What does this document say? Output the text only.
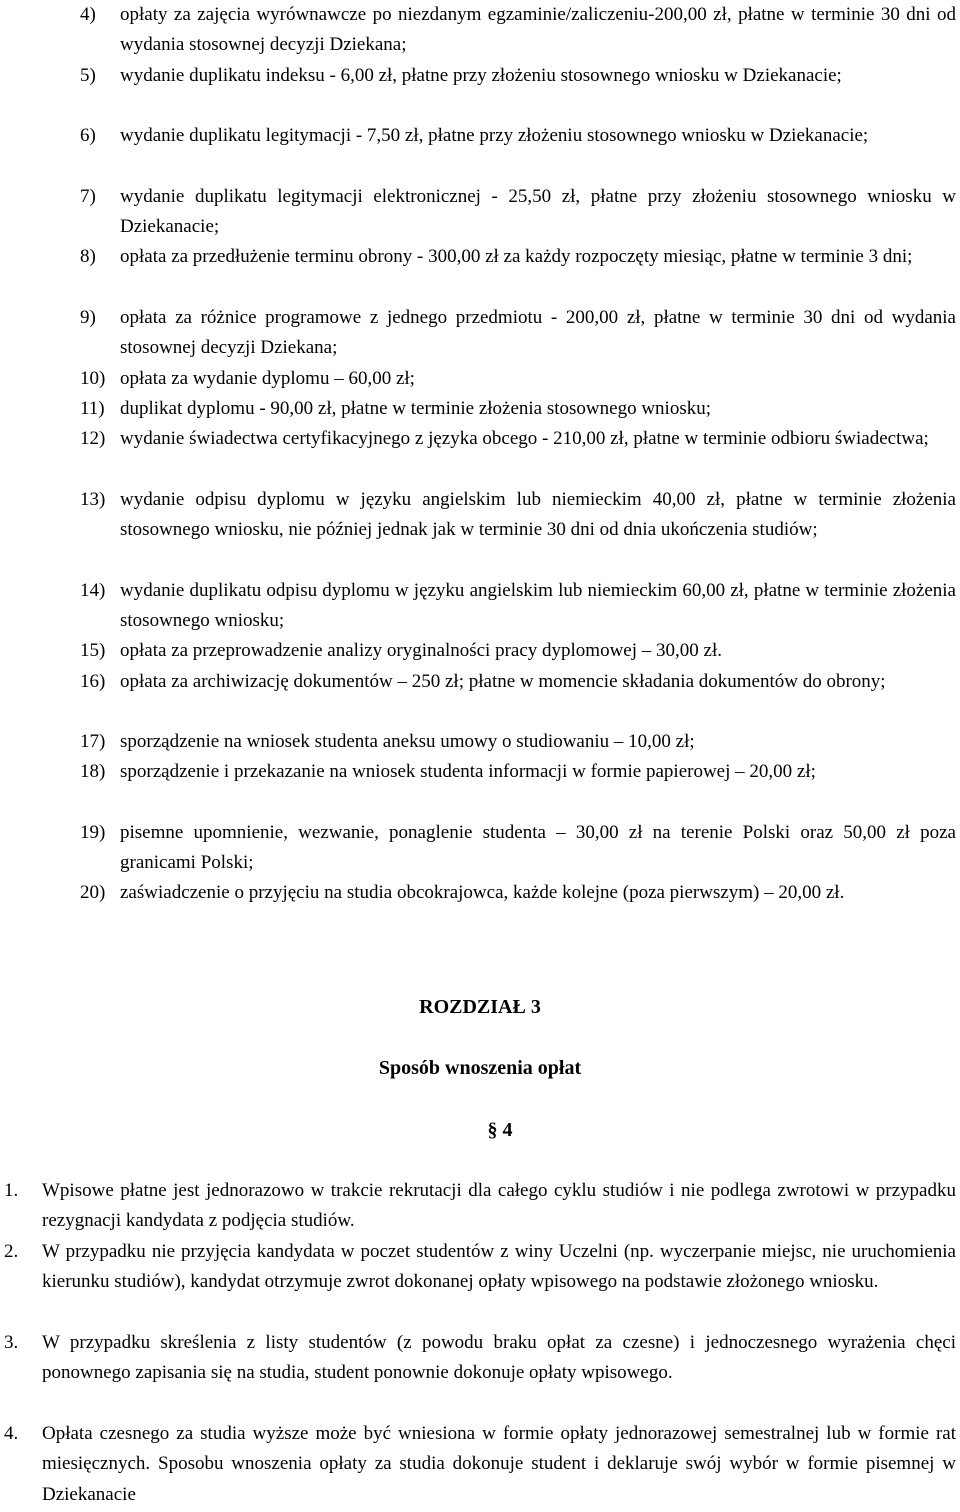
4) opłaty za zajęcia wyrównawcze po niezdanym egzaminie/zaliczeniu-200,00 zł, płatne w terminie 30 dni od wydania stosownej decyzji Dziekana;
5) wydanie duplikatu indeksu - 6,00 zł, płatne przy złożeniu stosownego wniosku w Dziekanacie;
6) wydanie duplikatu legitymacji - 7,50 zł, płatne przy złożeniu stosownego wniosku w Dziekanacie;
7) wydanie duplikatu legitymacji elektronicznej - 25,50 zł, płatne przy złożeniu stosownego wniosku w Dziekanacie;
8) opłata za przedłużenie terminu obrony - 300,00 zł za każdy rozpoczęty miesiąc, płatne w terminie 3 dni;
9) opłata za różnice programowe z jednego przedmiotu - 200,00 zł, płatne w terminie 30 dni od wydania stosownej decyzji Dziekana;
10) opłata za wydanie dyplomu – 60,00 zł;
11) duplikat dyplomu - 90,00 zł, płatne w terminie złożenia stosownego wniosku;
12) wydanie świadectwa certyfikacyjnego z języka obcego - 210,00 zł, płatne w terminie odbioru świadectwa;
13) wydanie odpisu dyplomu w języku angielskim lub niemieckim 40,00 zł, płatne w terminie złożenia stosownego wniosku, nie później jednak jak w terminie 30 dni od dnia ukończenia studiów;
14) wydanie duplikatu odpisu dyplomu w języku angielskim lub niemieckim 60,00 zł, płatne w terminie złożenia stosownego wniosku;
15) opłata za przeprowadzenie analizy oryginalności pracy dyplomowej – 30,00 zł.
16) opłata za archiwizację dokumentów – 250 zł; płatne w momencie składania dokumentów do obrony;
17) sporządzenie na wniosek studenta aneksu umowy o studiowaniu – 10,00 zł;
18) sporządzenie i przekazanie na wniosek studenta informacji w formie papierowej – 20,00 zł;
19) pisemne upomnienie, wezwanie, ponaglenie studenta – 30,00 zł na terenie Polski oraz 50,00 zł poza granicami Polski;
20) zaświadczenie o przyjęciu na studia obcokrajowca, każde kolejne (poza pierwszym) – 20,00 zł.
ROZDZIAŁ 3
Sposób wnoszenia opłat
§ 4
1. Wpisowe płatne jest jednorazowo w trakcie rekrutacji dla całego cyklu studiów i nie podlega zwrotowi w przypadku rezygnacji kandydata z podjęcia studiów.
2. W przypadku nie przyjęcia kandydata w poczet studentów z winy Uczelni (np. wyczerpanie miejsc, nie uruchomienia kierunku studiów), kandydat otrzymuje zwrot dokonanej opłaty wpisowego na podstawie złożonego wniosku.
3. W przypadku skreślenia z listy studentów (z powodu braku opłat za czesne) i jednoczesnego wyrażenia chęci ponownego zapisania się na studia, student ponownie dokonuje opłaty wpisowego.
4. Opłata czesnego za studia wyższe może być wniesiona w formie opłaty jednorazowej semestralnej lub w formie rat miesięcznych. Sposobu wnoszenia opłaty za studia dokonuje student i deklaruje swój wybór w formie pisemnej w Dziekanacie
